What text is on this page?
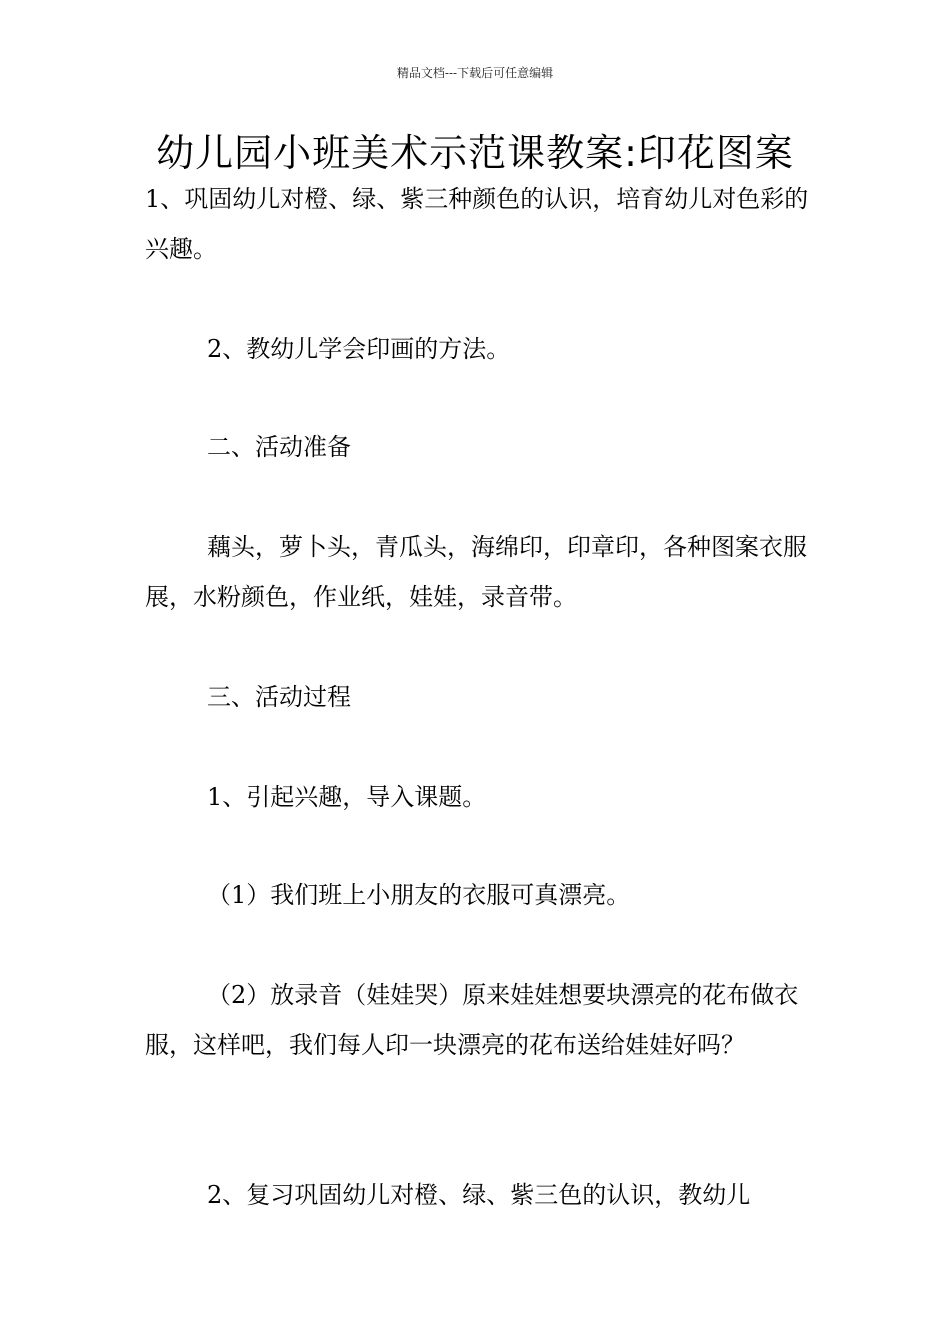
精品文档---下载后可任意编辑
幼儿园小班美术示范课教案:印花图案
1、巩固幼儿对橙、绿、紫三种颜色的认识，培育幼儿对色彩的兴趣。
2、教幼儿学会印画的方法。
二、活动准备
藕头，萝卜头，青瓜头，海绵印，印章印，各种图案衣服展，水粉颜色，作业纸，娃娃，录音带。
三、活动过程
1、引起兴趣，导入课题。
（1）我们班上小朋友的衣服可真漂亮。
（2）放录音（娃娃哭）原来娃娃想要块漂亮的花布做衣服，这样吧，我们每人印一块漂亮的花布送给娃娃好吗？
2、复习巩固幼儿对橙、绿、紫三色的认识，教幼儿
